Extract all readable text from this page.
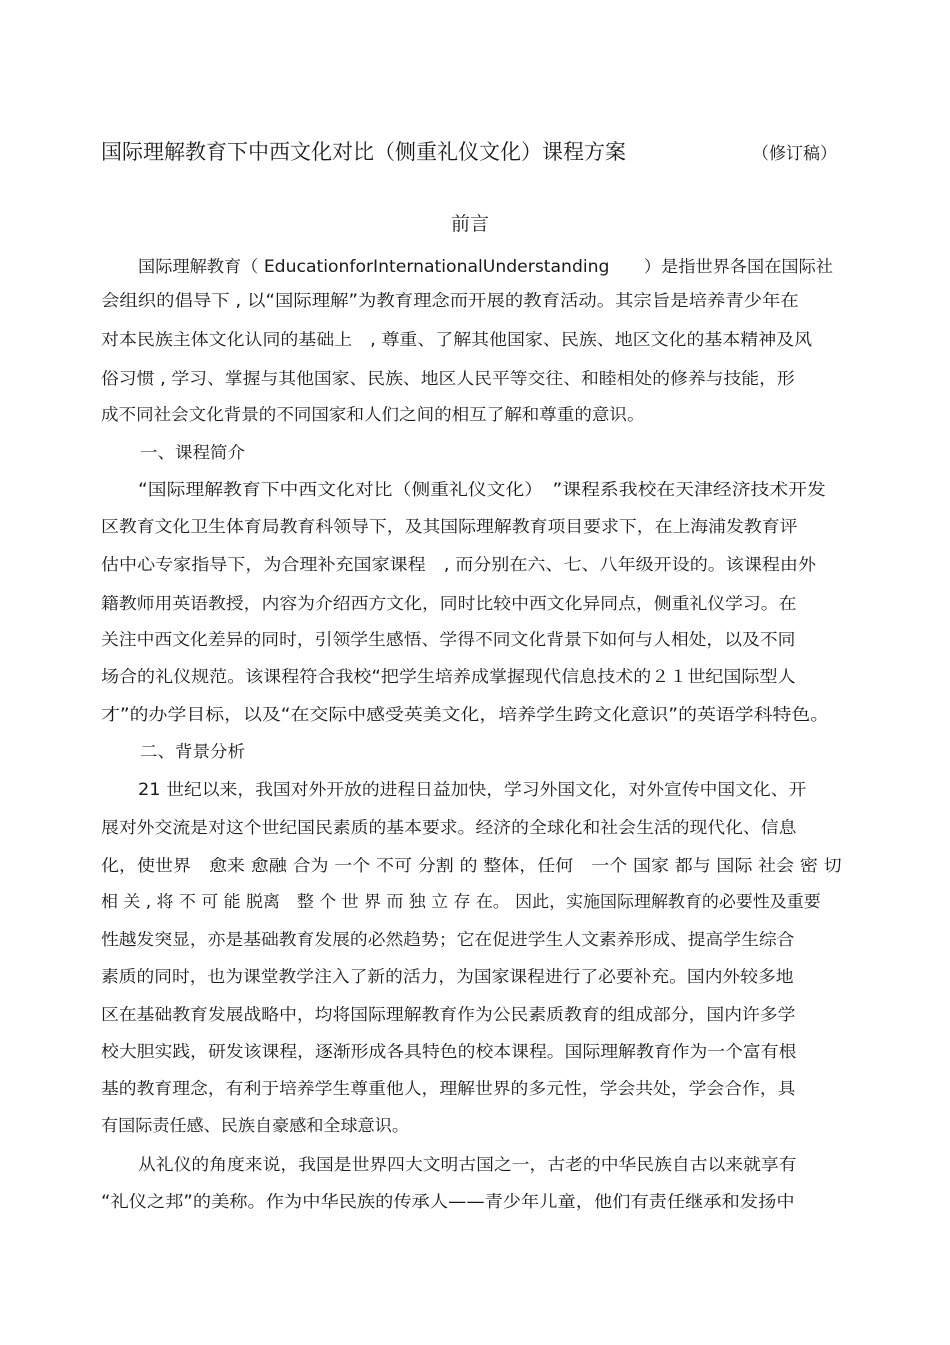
国际理解教育下中西文化对比（侧重礼仪文化）课程方案	（修订稿）
前言
国际理解教育（ EducationforInternationalUnderstanding　　）是指世界各国在国际社
会组织的倡导下 , 以“国际理解”为教育理念而开展的教育活动。其宗旨是培养青少年在
对本民族主体文化认同的基础上　, 尊重、了解其他国家、民族、地区文化的基本精神及风
俗习惯 , 学习、掌握与其他国家、民族、地区人民平等交往、和睦相处的修养与技能，形
成不同社会文化背景的不同国家和人们之间的相互了解和尊重的意识。
一、课程简介
“国际理解教育下中西文化对比（侧重礼仪文化）　”课程系我校在天津经济技术开发
区教育文化卫生体育局教育科领导下，及其国际理解教育项目要求下，在上海浦发教育评
估中心专家指导下，为合理补充国家课程　, 而分别在六、七、八年级开设的。该课程由外
籍教师用英语教授，内容为介绍西方文化，同时比较中西文化异同点，侧重礼仪学习。在
关注中西文化差异的同时，引领学生感悟、学得不同文化背景下如何与人相处，以及不同
场合的礼仪规范。该课程符合我校“把学生培养成掌握现代信息技术的２１世纪国际型人
才”的办学目标，以及“在交际中感受英美文化，培养学生跨文化意识”的英语学科特色。
二、背景分析
21 世纪以来，我国对外开放的进程日益加快，学习外国文化，对外宣传中国文化、开
展对外交流是对这个世纪国民素质的基本要求。经济的全球化和社会生活的现代化、信息
化，使世界　愈来 愈融 合为 一个 不可 分割 的 整体，任何　一个 国家 都与 国际 社会 密 切
相 关 , 将 不 可 能 脱离　整 个 世 界 而 独 立 存 在。 因此，实施国际理解教育的必要性及重要
性越发突显，亦是基础教育发展的必然趋势；它在促进学生人文素养形成、提高学生综合
素质的同时，也为课堂教学注入了新的活力，为国家课程进行了必要补充。国内外较多地
区在基础教育发展战略中，均将国际理解教育作为公民素质教育的组成部分，国内许多学
校大胆实践，研发该课程，逐渐形成各具特色的校本课程。国际理解教育作为一个富有根
基的教育理念，有利于培养学生尊重他人，理解世界的多元性，学会共处，学会合作，具
有国际责任感、民族自豪感和全球意识。
从礼仪的角度来说，我国是世界四大文明古国之一，古老的中华民族自古以来就享有
“礼仪之邦”的美称。作为中华民族的传承人——青少年儿童，他们有责任继承和发扬中
